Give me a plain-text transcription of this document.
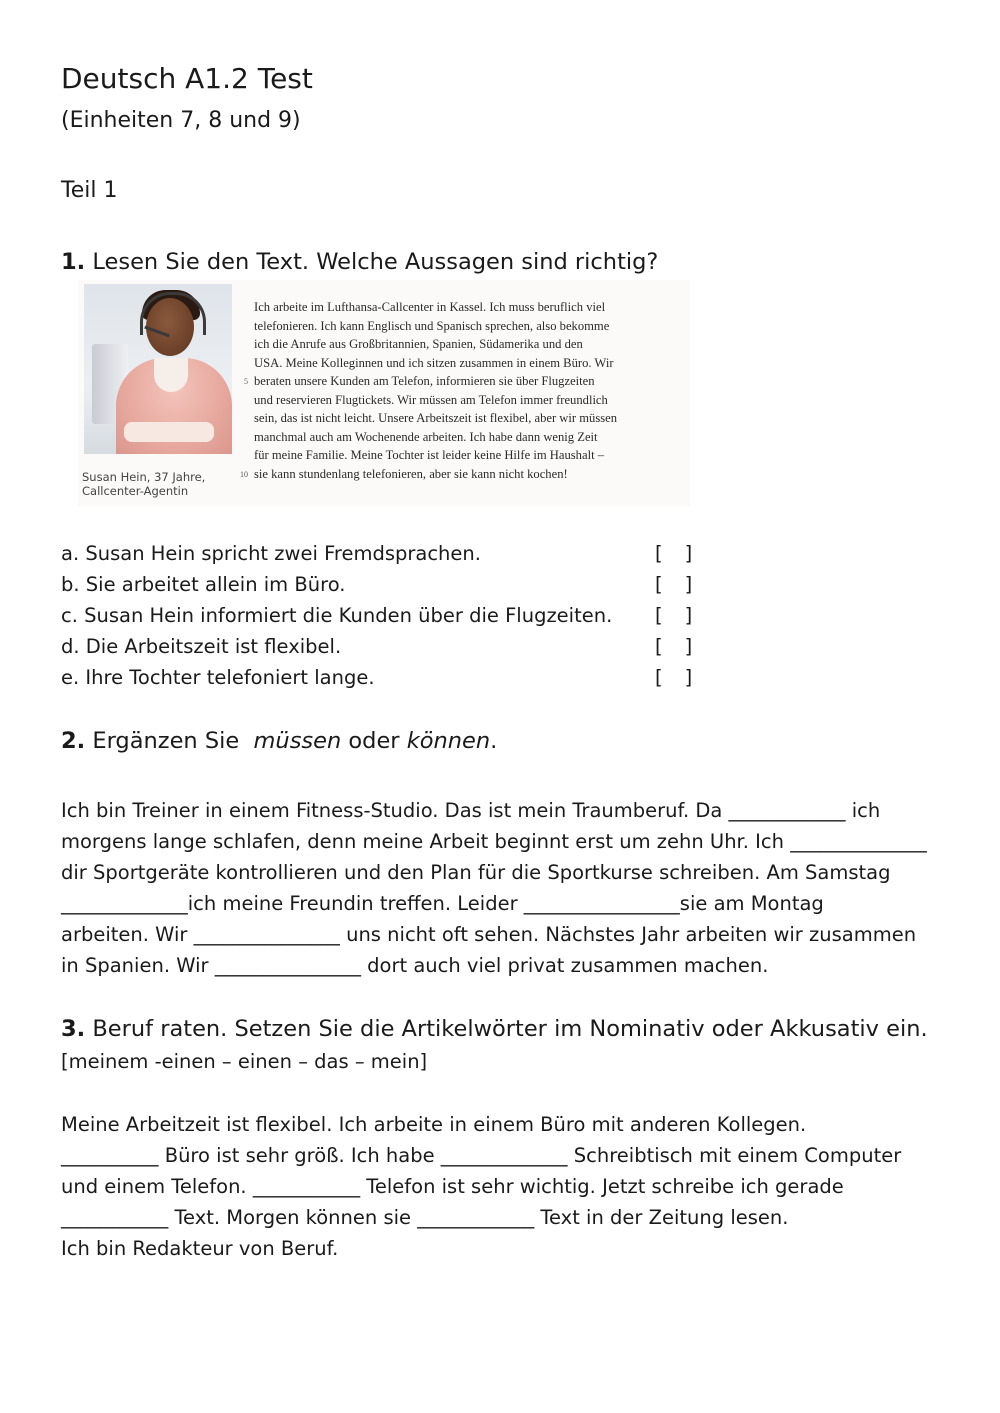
Deutsch A1.2 Test
(Einheiten 7, 8 und 9)
Teil 1
1. Lesen Sie den Text. Welche Aussagen sind richtig?
Susan Hein, 37 Jahre,
Callcenter-Agentin
Ich arbeite im Lufthansa-Callcenter in Kassel. Ich muss beruflich viel
telefonieren. Ich kann Englisch und Spanisch sprechen, also bekomme
ich die Anrufe aus Großbritannien, Spanien, Südamerika und den
USA. Meine Kolleginnen und ich sitzen zusammen in einem Büro. Wir
5 beraten unsere Kunden am Telefon, informieren sie über Flugzeiten
und reservieren Flugtickets. Wir müssen am Telefon immer freundlich
sein, das ist nicht leicht. Unsere Arbeitszeit ist flexibel, aber wir müssen
manchmal auch am Wochenende arbeiten. Ich habe dann wenig Zeit
für meine Familie. Meine Tochter ist leider keine Hilfe im Haushalt –
10 sie kann stundenlang telefonieren, aber sie kann nicht kochen!
a. Susan Hein spricht zwei Fremdsprachen.
b. Sie arbeitet allein im Büro.
c. Susan Hein informiert die Kunden über die Flugzeiten.
d. Die Arbeitszeit ist flexibel.
e. Ihre Tochter telefoniert lange.
[ ]
[ ]
[ ]
[ ]
[ ]
2. Ergänzen Sie müssen oder können.
Ich bin Treiner in einem Fitness-Studio. Das ist mein Traumberuf. Da ____________ ich
morgens lange schlafen, denn meine Arbeit beginnt erst um zehn Uhr. Ich ______________
dir Sportgeräte kontrollieren und den Plan für die Sportkurse schreiben. Am Samstag
_____________ich meine Freundin treffen. Leider ________________sie am Montag
arbeiten. Wir _______________ uns nicht oft sehen. Nächstes Jahr arbeiten wir zusammen
in Spanien. Wir _______________ dort auch viel privat zusammen machen.
3. Beruf raten. Setzen Sie die Artikelwörter im Nominativ oder Akkusativ ein.
[meinem -einen – einen – das – mein]
Meine Arbeitzeit ist flexibel. Ich arbeite in einem Büro mit anderen Kollegen.
__________ Büro ist sehr größ. Ich habe _____________ Schreibtisch mit einem Computer
und einem Telefon. ___________ Telefon ist sehr wichtig. Jetzt schreibe ich gerade
___________ Text. Morgen können sie ____________ Text in der Zeitung lesen.
Ich bin Redakteur von Beruf.
